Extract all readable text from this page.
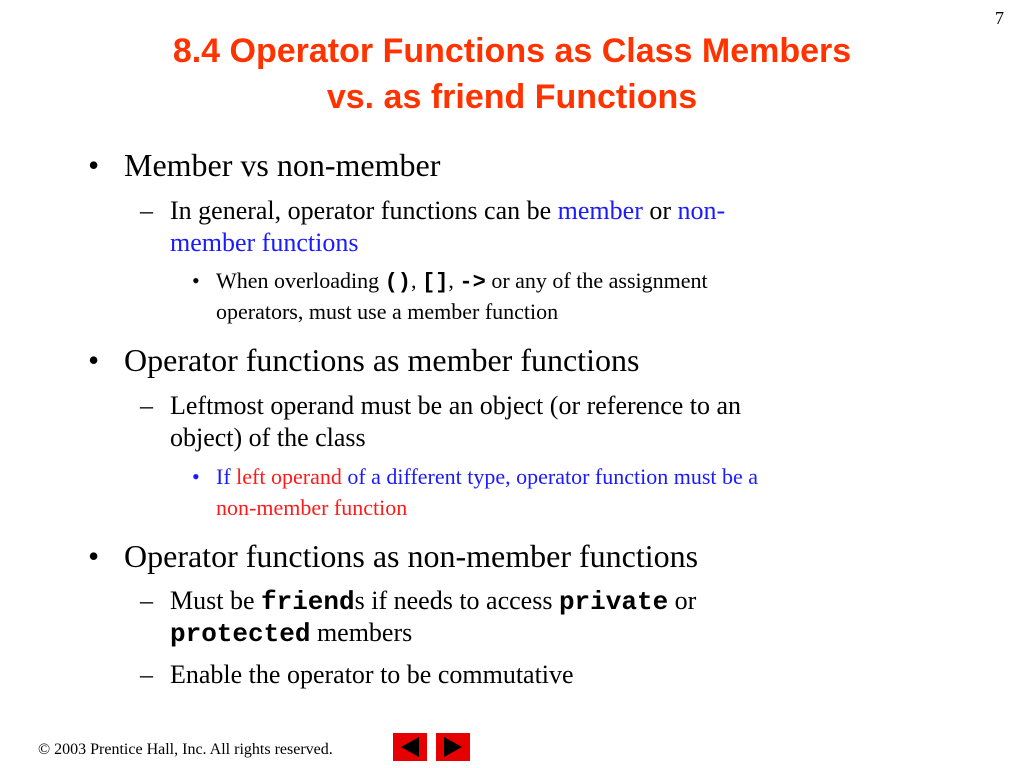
7
8.4 Operator Functions as Class Members
vs. as friend Functions
• Member vs non-member
– In general, operator functions can be member or non-
member functions
• When overloading (), [], -> or any of the assignment
operators, must use a member function
• Operator functions as member functions
– Leftmost operand must be an object (or reference to an
object) of the class
• If left operand of a different type, operator function must be a
non-member function
• Operator functions as non-member functions
– Must be friends if needs to access private or
protected members
– Enable the operator to be commutative
© 2003 Prentice Hall, Inc. All rights reserved.
